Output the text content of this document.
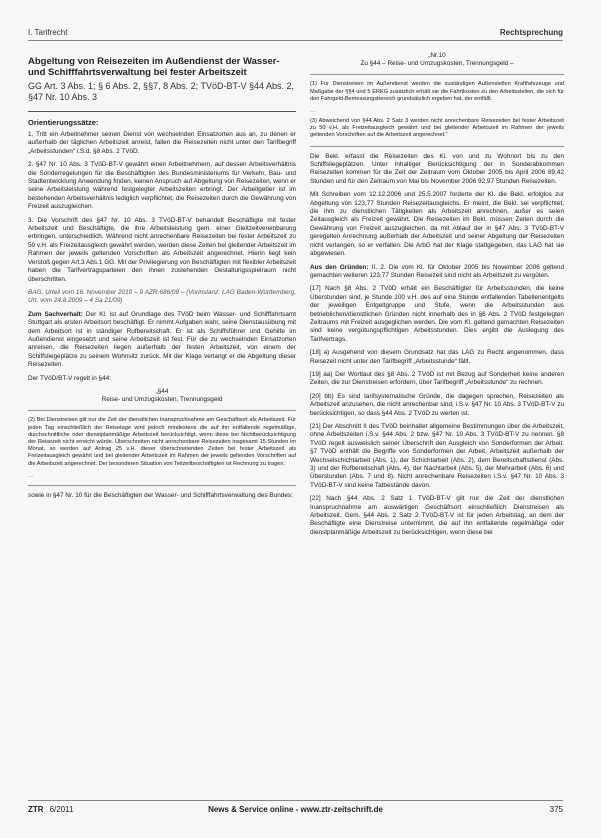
I. Tarifrecht	Rechtsprechung
Abgeltung von Reisezeiten im Außendienst der Wasser- und Schifffahrtsverwaltung bei fester Arbeitszeit
GG Art. 3 Abs. 1; § 6 Abs. 2, §§7, 8 Abs. 2; TVöD-BT-V §44 Abs. 2, §47 Nr. 10 Abs. 3
Orientierungssätze:

1. Tritt ein Arbeitnehmer seinen Dienst von wechselnden Einsatzorten aus an, zu denen er außerhalb der täglichen Arbeitszeit anreist, fallen die Reisezeiten nicht unter den Tarifbegriff „Arbeitsstunden“ i.S.d. §8 Abs. 2 TVöD.

2. §47 Nr. 10 Abs. 3 TVöD-BT-V gewährt einen Arbeitnehmern, auf dessen Arbeitsverhältnis die Sonderregelungen für die Beschäftigten des Bundesministeriums für Verkehr, Bau- und Stadtentwicklung Anwendung finden, keinen Anspruch auf Abgeltung von Reisezeiten, wenn er seine Arbeitsleistung während festgelegter Arbeitszeiten erbringt. Der Arbeitgeber ist im bestehenden Arbeitsverhältnis lediglich verpflichtet, die Reisezeiten durch die Gewährung von Freizeit auszugleichen.

3. Die Vorschrift des §47 Nr. 10 Abs. 3 TVöD-BT-V behandelt Beschäftigte mit fester Arbeitszeit und Beschäftigte, die ihre Arbeitsleistung gem. einer Gleitzeitvereinbarung erbringen, unterschiedlich. Während nicht anrechenbare Reisezeiten bei fester Arbeitszeit zu 50 v.H. als Freizeitausgleich gewährt werden, werden diese Zeiten bei gleitender Arbeitszeit im Rahmen der jeweils geltenden Vorschriften als Arbeitszeit angerechnet. Hierin liegt kein Verstoß gegen Art.3 Abs.1 GG. Mit der Privilegierung von Beschäftigten mit flexibler Arbeitszeit haben die Tarifvertragsparteien den ihnen zustehenden Gestaltungsspielraum nicht überschritten.

BAG, Urteil vom 16. November 2010 – 9 AZR 686/09 – (Vorinstanz: LAG Baden-Württemberg, Urt. vom 24.8.2009 – 4 Sa 21/09)

Zum Sachverhalt: Der Kl. ist auf Grundlage des TVöD beim Wasser- und Schifffahrtsamt Stuttgart als ersten Arbeitsort beschäftigt. Er nimmt Aufgaben wahr, seine Dienstausübung mit dem Arbeitsort ist in ständiger Rufbereitschaft. Er ist als Schiffsführer und Gehilfe im Außendienst eingesetzt und seine Arbeitszeit ist fest. Für die zu wechselnden Einsatzorten anreisen, die Reisezeiten liegen außerhalb der festen Arbeitszeit, von einem der Schiffsliegeplätze zu seinem Wohnsitz zurück. Mit der Klage verlangt er die Abgeltung dieser Reisezeiten.

Der TVöD/BT-V regelt in §44:

„§44
Reise- und Umzugskosten, Trennungsgeld

(2) Bei Dienstreisen gilt nur die Zeit der dienstlichen Inanspruchnahme am Geschäftsort als Arbeitszeit. Für jeden Tag einschließlich der Reisetage wird jedoch mindestens die auf ihn entfallende regelmäßige, durchschnittliche oder dienstplanmäßige Arbeitszeit berücksichtigt, wenn diese bei Nichtberücksichtigung der Reisezeit nicht erreicht würde. Überschreiten nicht anrechenbare Reisezeiten insgesamt 15 Stunden im Monat, so werden auf Antrag 25 v.H. dieser überschreitenden Zeiten bei fester Arbeitszeit als Freizeitausgleich gewährt und bei gleitender Arbeitszeit im Rahmen der jeweils geltenden Vorschriften auf die Arbeitszeit angerechnet. Der besonderen Situation von Teilzeitbeschäftigten ist Rechnung zu tragen.

…

sowie in §47 Nr. 10 für die Beschäftigten der Wasser- und Schifffahrtsverwaltung des Bundes:

„Nr.10
Zu §44 – Reise- und Umzugskosten, Trennungsgeld –

(1) Für Dienstreisen im Außendienst werden die zuständigen Außenstellen Kraftfahrzeuge und Maßgabe der §§4 und 5 ERKG zusätzlich erhält sie die Fahrtkosten zu den Arbeitsstellen, die sich für den Fahrgeld-Bemessungsbereich grundsätzlich ergeben hat, der entfällt.

…

(3) Abweichend von §44 Abs. 2 Satz 3 werden nicht anrechenbare Reisezeiten bei fester Arbeitszeit zu 50 v.H. als Freizeitausgleich gewährt und bei gleitender Arbeitszeit im Rahmen der jeweils geltenden Vorschriften auf die Arbeitszeit angerechnet.“

Die Bekl. erfasst die Reisezeiten des Kl. von und zu Wohnort bis zu den Schiffsliegeplätzen. Unter Inhaltiger Berücksichtigung der in Sonderabkommen Reisezeiten kommen für die Zeit der Zeitraum vom Oktober 2005 bis April 2006 89,42 Stunden und für den Zeitraum von Mai bis November 2006 92,97 Stunden Reisezeiten.

Mit Schreiben vom 12.12.2006 und 25.5.2007 forderte der Kl. die Bekl. erfolglos zur Abgeltung von 123,77 Stunden Reisezeitausgleichs. Er meint, die Bekl. sei verpflichtet, die ihm zu dienstlichen Tätigkeiten als Arbeitszeit anrechnen, außer es seien Zeitausgleich als Freizeit gewährt. Die Reisezeiten im Bekl. müssen Zeiten durch die Gewährung von Freizeit auszugleichen, da mit Ablauf der in §47 Abs. 3 TVöD-BT-V geregelten Anrechnung außerhalb der Arbeitszeit und seiner Abgeltung der Reisezeiten nicht verlangen, so er verfallen. Die ArbG hat der Klage stattgegeben, das LAG hat sie abgewiesen.

Aus den Gründen: II. 2. Die vom Kl. für Oktober 2005 bis November 2006 geltend gemachten weiteren 123,77 Stunden Reisezeit sind nicht als Arbeitszeit zu vergüten.

[17] Nach §8 Abs. 2 TVöD erhält ein Beschäftigter für Arbeitsstunden, die keine Überstunden sind, je Stunde 100 v.H. des auf eine Stunde entfallenden Tabellenentgelts der jeweiligen Entgeltgruppe und Stufe, wenn die Arbeitsstunden aus betrieblichen/dienstlichen Gründen nicht innerhalb des in §6 Abs. 2 TVöD festgelegten Zeitraums mit Freizeit ausgeglichen werden. Die vom Kl. geltend gemachten Reisezeiten sind keine vergütungspflichtigen Arbeitsstunden. Dies ergibt die Auslegung des Tarifvertrags.

[18] a) Ausgehend von diesem Grundsatz hat das LAG zu Recht angenommen, dass Reisezeit nicht unter den Tarifbegriff „Arbeitsstunde“ fällt.

[19] aa) Der Wortlaut des §8 Abs. 2 TVöD ist mit Bezug auf Sonderheit keine anderen Zeiten, die zur Dienstreisen erfordern, über Tarifbegriff „Arbeitsstunde“ zu rechnen.

[20] bb) Es sind tarifsystematische Gründe, die dagegen sprechen, Reisezeiten als Arbeitszeit anzusehen, die nicht anrechenbar sind, i.S.v. §47 Nr. 10 Abs. 3 TVöD-BT-V zu berücksichtigen, so dass §44 Abs. 2 TVöD zu werten ist.

[21] Der Abschnitt II des TVöD beinhaltet allgemeine Bestimmungen über die Arbeitszeit, ohne Arbeitszeiten i.S.v. §44 Abs. 2 bzw. §47 Nr. 10 Abs. 3 TVöD-BT-V zu nennen. §8 TVöD regelt ausweislich seiner Überschrift den Ausgleich von Sonderformen der Arbeit. §7 TVöD enthält die Begriffe von Sonderformen der Arbeit, Arbeitszeit außerhalb der Wechselschichtarbeit (Abs. 1), der Schichtarbeit (Abs. 2), dem Bereitschaftsdienst (Abs. 3) und der Rufbereitschaft (Abs. 4), der Nachtarbeit (Abs. 5), der Mehrarbeit (Abs. 6) und Überstunden (Abs. 7 und 8). Nicht anrechenbare Reisezeiten i.S.v. §47 Nr. 10 Abs. 3 TVöD-BT-V sind keine Tatbestände davon.

[22] Nach §44 Abs. 2 Satz 1 TVöD-BT-V gilt nur die Zeit der dienstlichen Inanspruchnahme am auswärtigen Geschäftsort einschließlich Dienstreisen als Arbeitszeit. Gem. §44 Abs. 2 Satz 2 TVöD-BT-V ist für jeden Arbeitstag, an dem der Beschäftigte eine Dienstreise unternimmt, die auf ihn entfallende regelmäßige oder dienstplanmäßige Arbeitszeit zu berücksichtigen, wenn diese bei

ZTR 6/2011	News & Service online - www.ztr-zeitschrift.de	375
